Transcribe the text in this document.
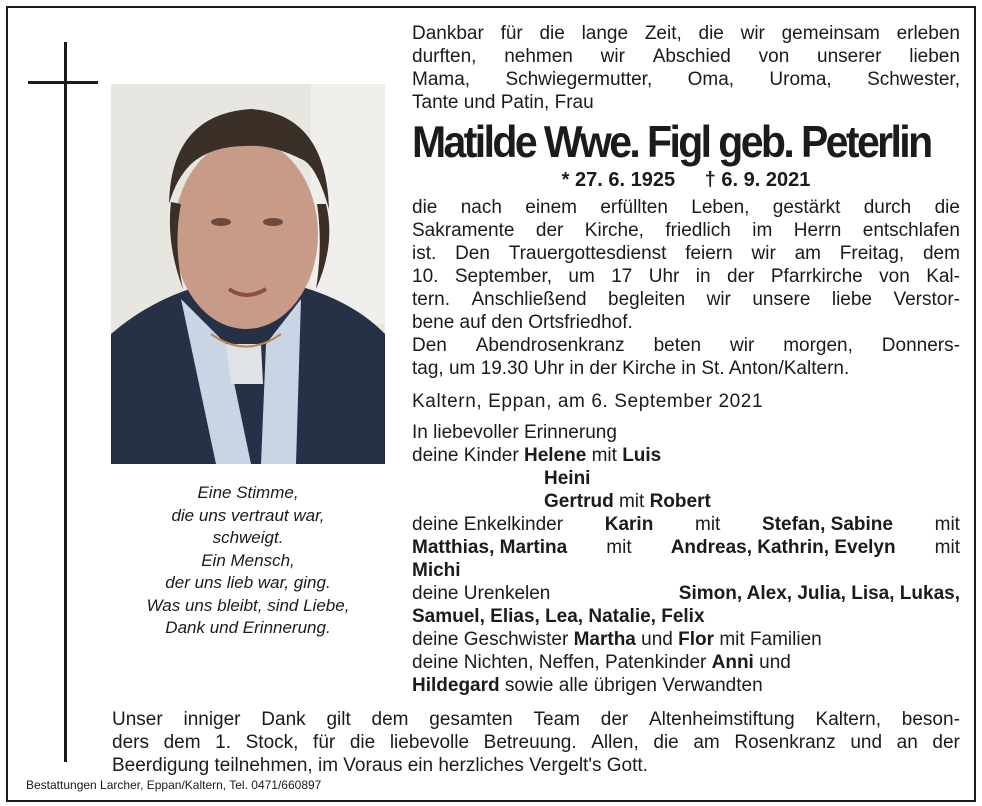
Eine Stimme,
die uns vertraut war,
schweigt.
Ein Mensch,
der uns lieb war, ging.
Was uns bleibt, sind Liebe,
Dank und Erinnerung.
Dankbar für die lange Zeit, die wir gemeinsam erleben
durften, nehmen wir Abschied von unserer lieben
Mama, Schwiegermutter, Oma, Uroma, Schwester,
Tante und Patin, Frau
Matilde Wwe. Figl geb. Peterlin
* 27. 6. 1925 † 6. 9. 2021
die nach einem erfüllten Leben, gestärkt durch die
Sakramente der Kirche, friedlich im Herrn entschlafen
ist. Den Trauergottesdienst feiern wir am Freitag, dem
10. September, um 17 Uhr in der Pfarrkirche von Kal-
tern. Anschließend begleiten wir unsere liebe Verstor-
bene auf den Ortsfriedhof.
Den Abendrosenkranz beten wir morgen, Donners-
tag, um 19.30 Uhr in der Kirche in St. Anton/Kaltern.
Kaltern, Eppan, am 6. September 2021
In liebevoller Erinnerung
deine Kinder Helene mit Luis
Heini
Gertrud mit Robert
deine Enkelkinder Karin mit Stefan, Sabine mit
Matthias, Martina mit Andreas, Kathrin, Evelyn mit
Michi
deine Urenkelen	Simon, Alex, Julia, Lisa, Lukas,
Samuel, Elias, Lea, Natalie, Felix
deine Geschwister Martha und Flor mit Familien
deine Nichten, Neffen, Patenkinder Anni und
Hildegard sowie alle übrigen Verwandten
Unser inniger Dank gilt dem gesamten Team der Altenheimstiftung Kaltern, beson-
ders dem 1. Stock, für die liebevolle Betreuung. Allen, die am Rosenkranz und an der
Beerdigung teilnehmen, im Voraus ein herzliches Vergelt's Gott.
Bestattungen Larcher, Eppan/Kaltern, Tel. 0471/660897
